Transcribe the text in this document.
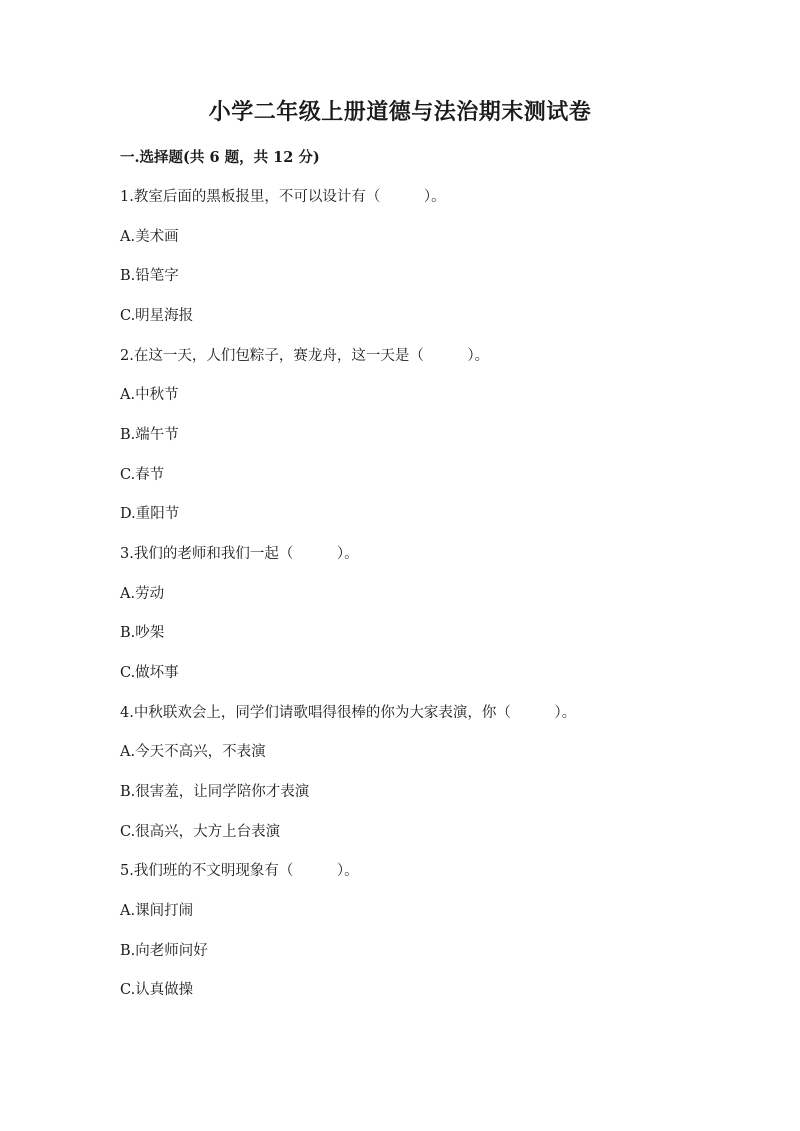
小学二年级上册道德与法治期末测试卷
一.选择题(共 6 题，共 12 分)
1.教室后面的黑板报里，不可以设计有（　　　）。
A.美术画
B.铅笔字
C.明星海报
2.在这一天，人们包粽子，赛龙舟，这一天是（　　　）。
A.中秋节
B.端午节
C.春节
D.重阳节
3.我们的老师和我们一起（　　　）。
A.劳动
B.吵架
C.做坏事
4.中秋联欢会上，同学们请歌唱得很棒的你为大家表演，你（　　　）。
A.今天不高兴，不表演
B.很害羞，让同学陪你才表演
C.很高兴，大方上台表演
5.我们班的不文明现象有（　　　）。
A.课间打闹
B.向老师问好
C.认真做操
